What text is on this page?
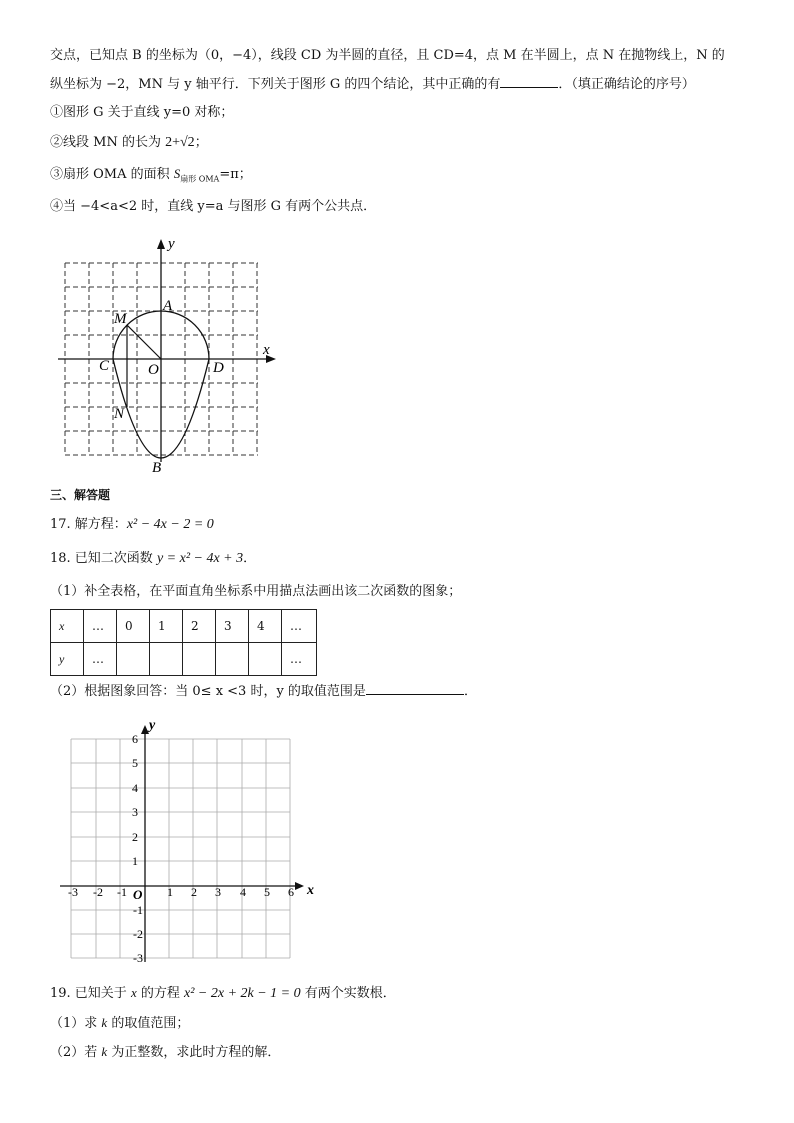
交点，已知点 B 的坐标为（0，−4），线段 CD 为半圆的直径，且 CD=4，点 M 在半圆上，点 N 在抛物线上，N 的
纵坐标为 −2，MN 与 y 轴平行．下列关于图形 G 的四个结论，其中正确的有	．（填正确结论的序号）
①图形 G 关于直线 y=0 对称；
②线段 MN 的长为 2+√2；
③扇形 OMA 的面积 $S_{扇形 OMA}=\pi$；
④当 −4<a<2 时，直线 y=a 与图形 G 有两个公共点．
y
x
A
M
C	O	D
N
B
三、解答题
17. 解方程：x² − 4x − 2 = 0
18. 已知二次函数 y = x² − 4x + 3．
（1）补全表格，在平面直角坐标系中用描点法画出该二次函数的图象；
x	…	0	1	2	3	4	…
y	…						…
（2）根据图象回答：当 0≤ x <3 时，y 的取值范围是	．
y
x
O
-3 -2 -1	1 2 3 4 5 6
6
5
4
3
2
1
-1
-2
-3
19. 已知关于 x 的方程 x² − 2x + 2k − 1 = 0 有两个实数根．
（1）求 k 的取值范围；
（2）若 k 为正整数，求此时方程的解．
